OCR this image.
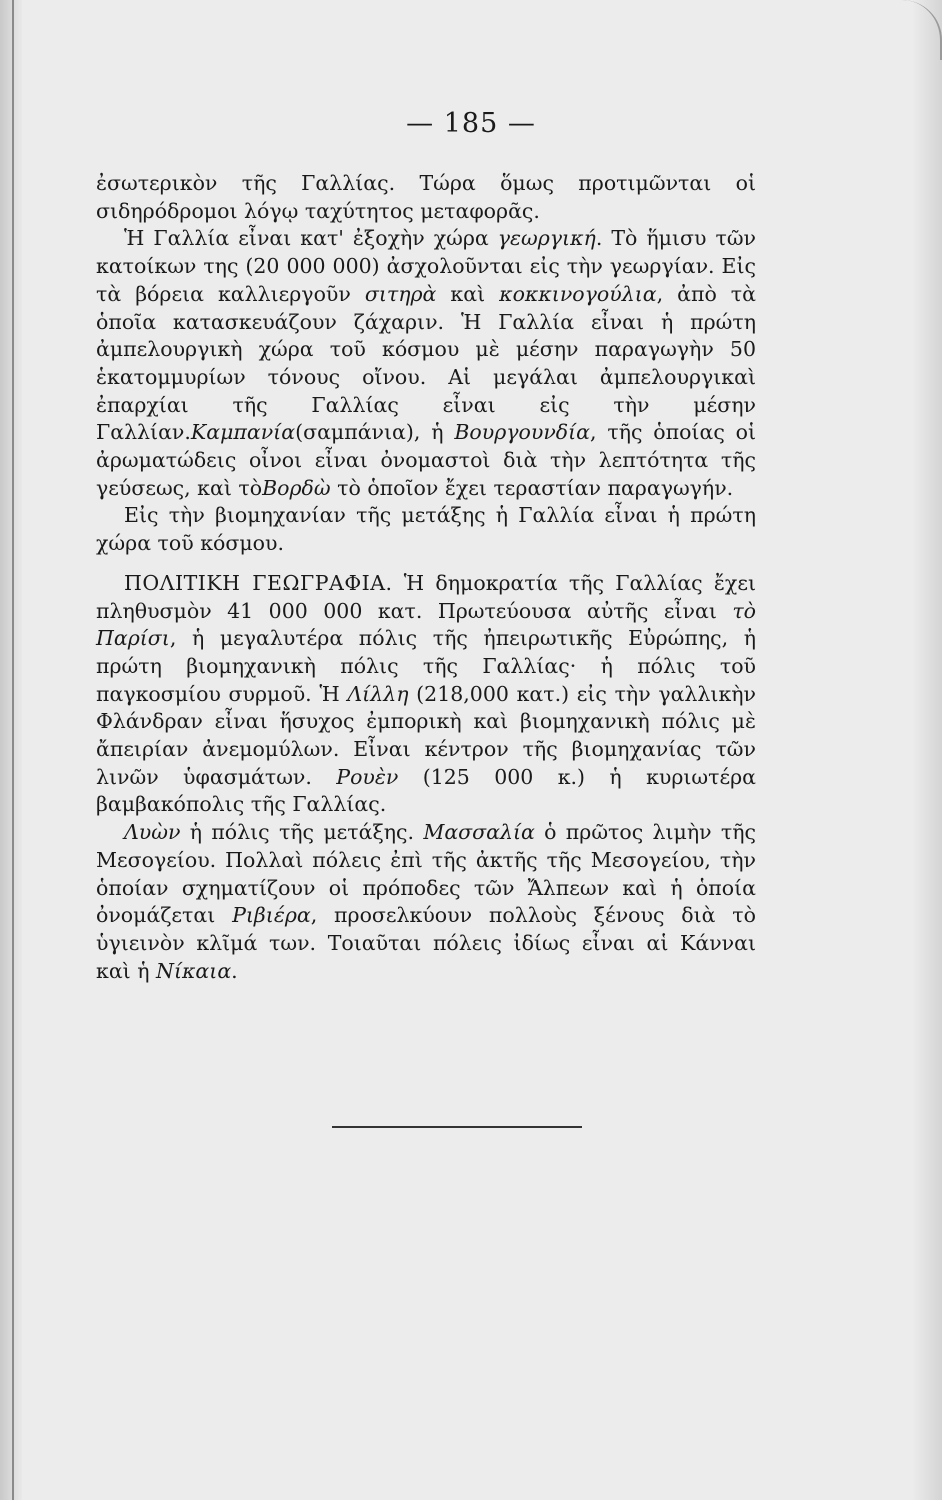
— 185 —

ἐσωτερικὸν τῆς Γαλλίας. Τώρα ὅμως προτιμῶνται οἱ σιδηρόδρομοι λόγῳ ταχύτητος μεταφορᾶς.

Ἡ Γαλλία εἶναι κατ' ἐξοχὴν χώρα γεωργική. Τὸ ἥμισυ τῶν κατοίκων της (20 000 000) ἀσχολοῦνται εἰς τὴν γεωργίαν. Εἰς τὰ βόρεια καλλιεργοῦν σιτηρὰ καὶ κοκκινογούλια, ἀπὸ τὰ ὁποῖα κατασκευάζουν ζάχαριν. Ἡ Γαλλία εἶναι ἡ πρώτη ἀμπελουργικὴ χώρα τοῦ κόσμου μὲ μέσην παραγωγὴν 50 ἑκατομμυρίων τόνους οἴνου. Αἱ μεγάλαι ἀμπελουργικαὶ ἐπαρχίαι τῆς Γαλλίας εἶναι εἰς τὴν μέσην Γαλλίαν.Καμπανία(σαμπάνια), ἡ Βουργουνδία, τῆς ὁποίας οἱ ἀρωματώδεις οἶνοι εἶναι ὀνομαστοὶ διὰ τὴν λεπτότητα τῆς γεύσεως, καὶ τὸΒορδὼ τὸ ὁποῖον ἔχει τεραστίαν παραγωγήν.

Εἰς τὴν βιομηχανίαν τῆς μετάξης ἡ Γαλλία εἶναι ἡ πρώτη χώρα τοῦ κόσμου.

ΠΟΛΙΤΙΚΗ ΓΕΩΓΡΑΦΙΑ. Ἡ δημοκρατία τῆς Γαλλίας ἔχει πληθυσμὸν 41 000 000 κατ. Πρωτεύουσα αὐτῆς εἶναι τὸ Παρίσι, ἡ μεγαλυτέρα πόλις τῆς ἠπειρωτικῆς Εὐρώπης, ἡ πρώτη βιομηχανικὴ πόλις τῆς Γαλλίας· ἡ πόλις τοῦ παγκοσμίου συρμοῦ. Ἡ Λίλλη (218,000 κατ.) εἰς τὴν γαλλικὴν Φλάνδραν εἶναι ἥσυχος ἐμπορικὴ καὶ βιομηχανικὴ πόλις μὲ ἄπειρίαν ἀνεμομύλων. Εἶναι κέντρον τῆς βιομηχανίας τῶν λινῶν ὑφασμάτων. Ρουὲν (125 000 κ.) ἡ κυριωτέρα βαμβακόπολις τῆς Γαλλίας.

Λυὼν ἡ πόλις τῆς μετάξης. Μασσαλία ὁ πρῶτος λιμὴν τῆς Μεσογείου. Πολλαὶ πόλεις ἐπὶ τῆς ἀκτῆς τῆς Μεσογείου, τὴν ὁποίαν σχηματίζουν οἱ πρόποδες τῶν Ἄλπεων καὶ ἡ ὁποία ὀνομάζεται Ριβιέρα, προσελκύουν πολλοὺς ξένους διὰ τὸ ὑγιεινὸν κλῖμά των. Τοιαῦται πόλεις ἰδίως εἶναι αἱ Κάνναι καὶ ἡ Νίκαια.
